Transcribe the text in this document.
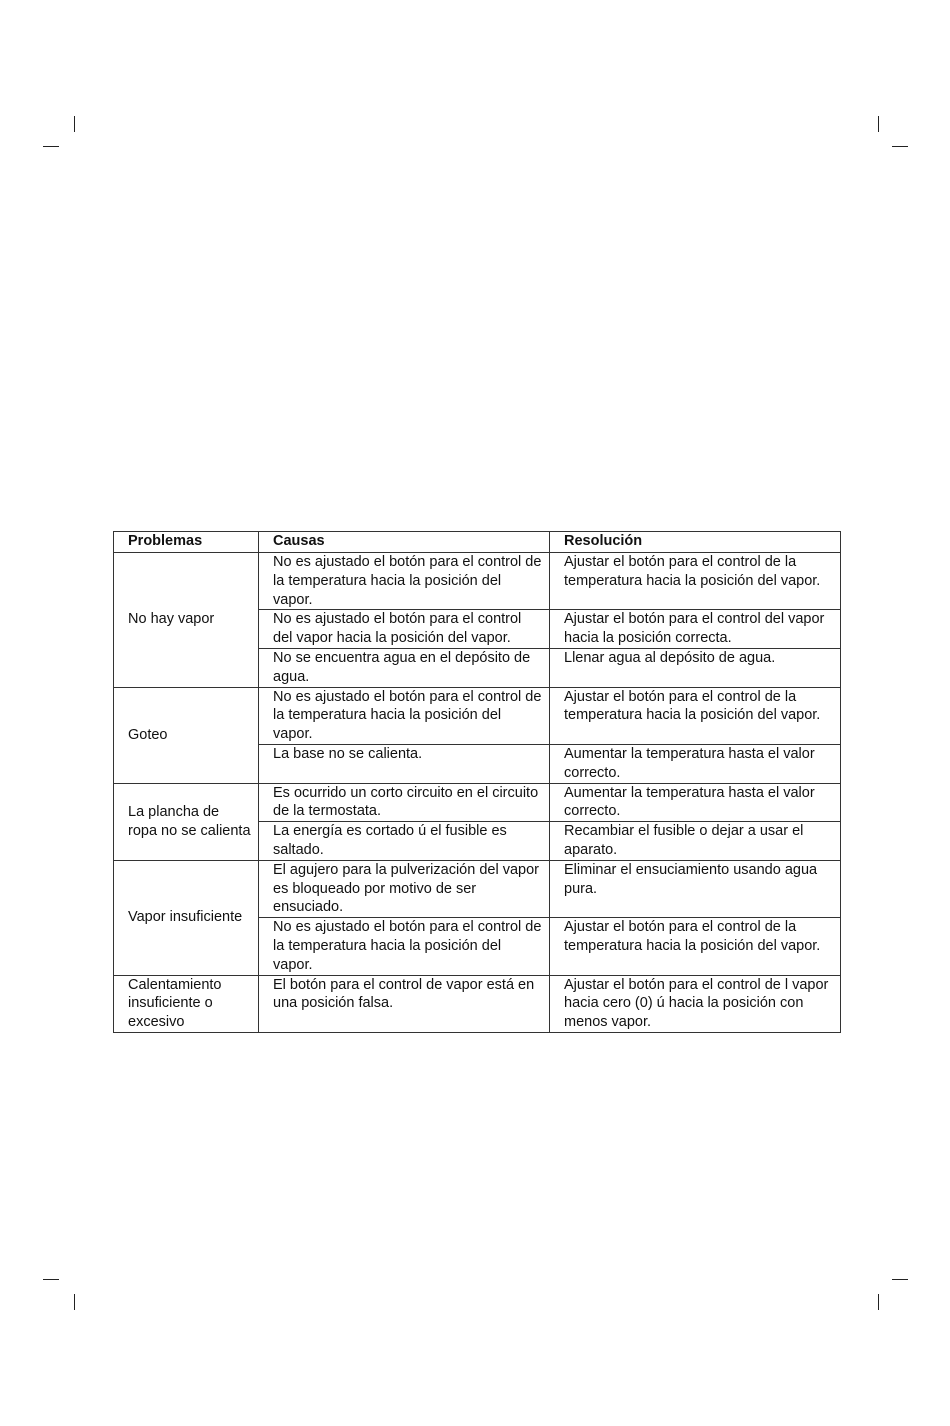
Problemas	Causas	Resolución
No hay vapor	No es ajustado el botón para el control de la temperatura hacia la posición del vapor.	Ajustar el botón para el control de la temperatura hacia la posición del vapor.
	No es ajustado el botón para el control del vapor hacia la posición del vapor.	Ajustar el botón para el control del vapor hacia la posición correcta.
	No se encuentra agua en el depósito de agua.	Llenar agua al depósito de agua.
Goteo	No es ajustado el botón para el control de la temperatura hacia la posición del vapor.	Ajustar el botón para el control de la temperatura hacia la posición del vapor.
	La base no se calienta.	Aumentar la temperatura hasta el valor correcto.
La plancha de ropa no se calienta	Es ocurrido un corto circuito en el circuito de la termostata.	Aumentar la temperatura hasta el valor correcto.
	La energía es cortado ú el fusible es saltado.	Recambiar el fusible o dejar a usar el aparato.
Vapor insuficiente	El agujero para la pulverización del vapor es bloqueado por motivo de ser ensuciado.	Eliminar el ensuciamiento usando agua pura.
	No es ajustado el botón para el control de la temperatura hacia la posición del vapor.	Ajustar el botón para el control de la temperatura hacia la posición del vapor.
Calentamiento insuficiente o excesivo	El botón para el control de vapor está en una posición falsa.	Ajustar el botón para el control de l vapor hacia cero (0) ú hacia la posición con menos vapor.
